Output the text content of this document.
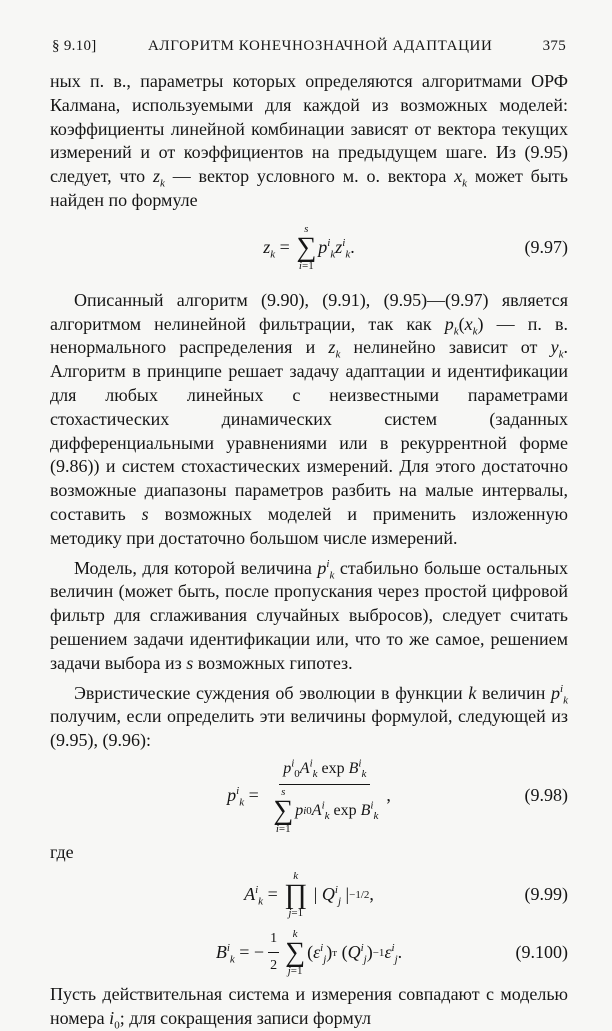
§ 9.10]	АЛГОРИТМ КОНЕЧНОЗНАЧНОЙ АДАПТАЦИИ	375

ных п. в., параметры которых определяются алгоритмами ОРФ Калмана, используемыми для каждой из возможных моделей: коэффициенты линейной комбинации зависят от вектора текущих измерений и от коэффициентов на предыдущем шаге. Из (9.95) следует, что $z_k$ — вектор условного м. о. вектора $x_k$ может быть найден по формуле

$z_k$ =
s
∑
i=1
$p^i_kz^i_k$ .	(9.97)

Описанный алгоритм (9.90), (9.91), (9.95)—(9.97) является алгоритмом нелинейной фильтрации, так как $p_k(x_k)$ — п. в. ненормального распределения и $z_k$ нелинейно зависит от $y_k$. Алгоритм в принципе решает задачу адаптации и идентификации для любых линейных с неизвестными параметрами стохастических динамических систем (заданных дифференциальными уравнениями или в рекуррентной форме (9.86)) и систем стохастических измерений. Для этого достаточно возможные диапазоны параметров разбить на малые интервалы, составить s возможных моделей и применить изложенную методику при достаточно большом числе измерений.

Модель, для которой величина $p^i_k$ стабильно больше остальных величин (может быть, после пропускания через простой цифровой фильтр для сглаживания случайных выбросов), следует считать решением задачи идентификации или, что то же самое, решением задачи выбора из s возможных гипотез.

Эвристические суждения об эволюции в функции k величин $p^i_k$ получим, если определить эти величины формулой, следующей из (9.95), (9.96):

$p^i_k = p^i_0A^i_k$ $\exp B^i_k$
s
∑
i=1
p i 0 $A^i_k$ $\exp B^i_k$ ,	(9.98)

где

$A^i_k$ =
k
∏
j=1
| $Q^i_j$ | −1/2 ,	(9.99)
$B^i_k$ = − $\frac{1}{2}$ k
∑
j=1
( $\varepsilon^i_j$ ) т ( $Q^i_j$ ) −1 $\varepsilon^i_j$ .	(9.100)

Пусть действительная система и измерения совпадают с моделью номера $i_0$; для сокращения записи формул
